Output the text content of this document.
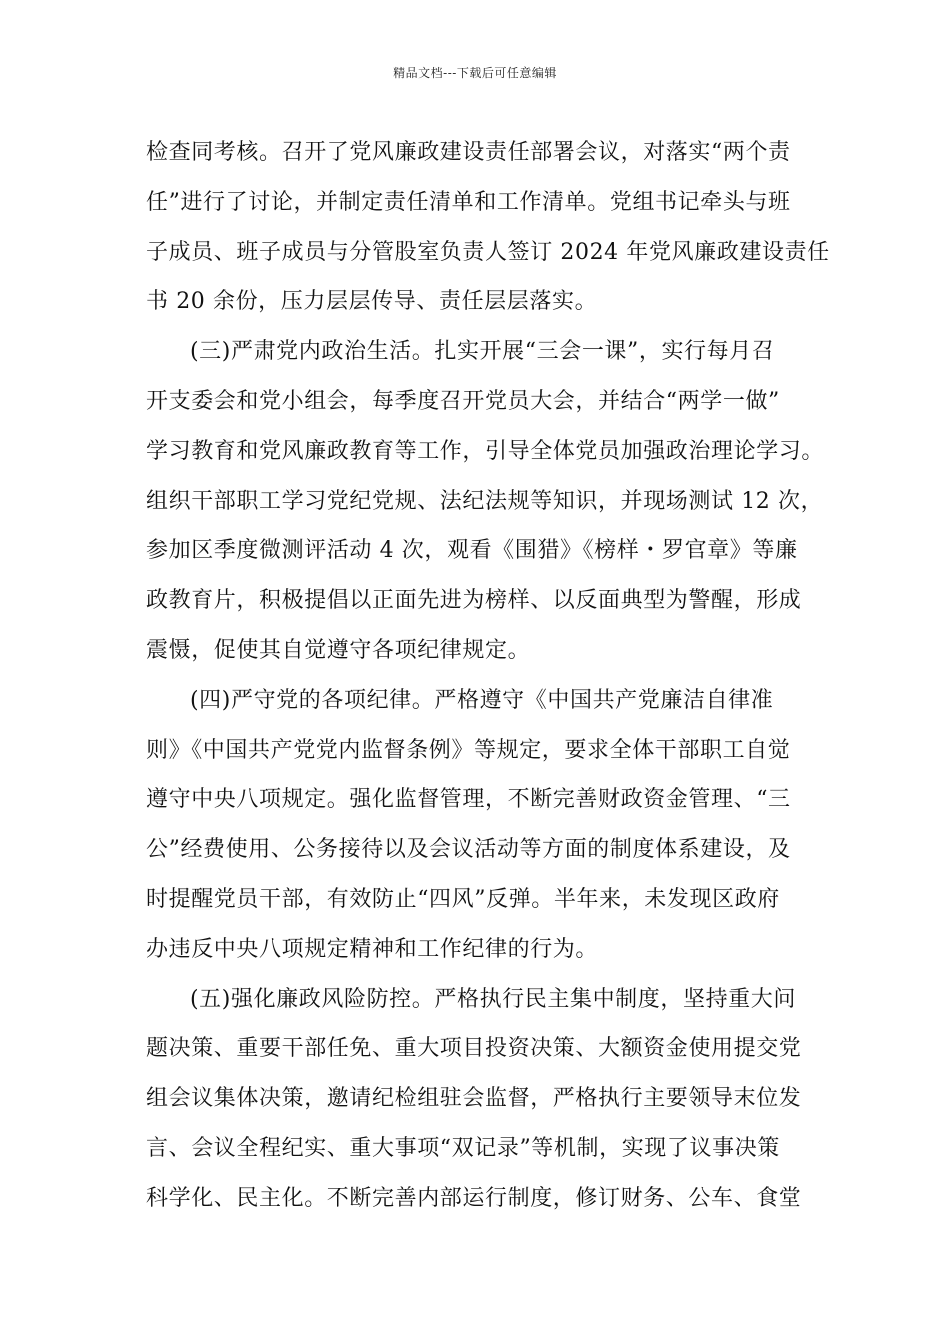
精品文档---下载后可任意编辑
检查同考核。召开了党风廉政建设责任部署会议，对落实“两个责
任”进行了讨论，并制定责任清单和工作清单。党组书记牵头与班
子成员、班子成员与分管股室负责人签订 2024 年党风廉政建设责任
书 20 余份，压力层层传导、责任层层落实。
(三)严肃党内政治生活。扎实开展“三会一课”，实行每月召
开支委会和党小组会，每季度召开党员大会，并结合“两学一做”
学习教育和党风廉政教育等工作，引导全体党员加强政治理论学习。
组织干部职工学习党纪党规、法纪法规等知识，并现场测试 12 次，
参加区季度微测评活动 4 次，观看《围猎》《榜样・罗官章》等廉
政教育片，积极提倡以正面先进为榜样、以反面典型为警醒，形成
震慑，促使其自觉遵守各项纪律规定。
(四)严守党的各项纪律。严格遵守《中国共产党廉洁自律准
则》《中国共产党党内监督条例》等规定，要求全体干部职工自觉
遵守中央八项规定。强化监督管理，不断完善财政资金管理、“三
公”经费使用、公务接待以及会议活动等方面的制度体系建设，及
时提醒党员干部，有效防止“四风”反弹。半年来，未发现区政府
办违反中央八项规定精神和工作纪律的行为。
(五)强化廉政风险防控。严格执行民主集中制度，坚持重大问
题决策、重要干部任免、重大项目投资决策、大额资金使用提交党
组会议集体决策，邀请纪检组驻会监督，严格执行主要领导末位发
言、会议全程纪实、重大事项“双记录”等机制，实现了议事决策
科学化、民主化。不断完善内部运行制度，修订财务、公车、食堂
